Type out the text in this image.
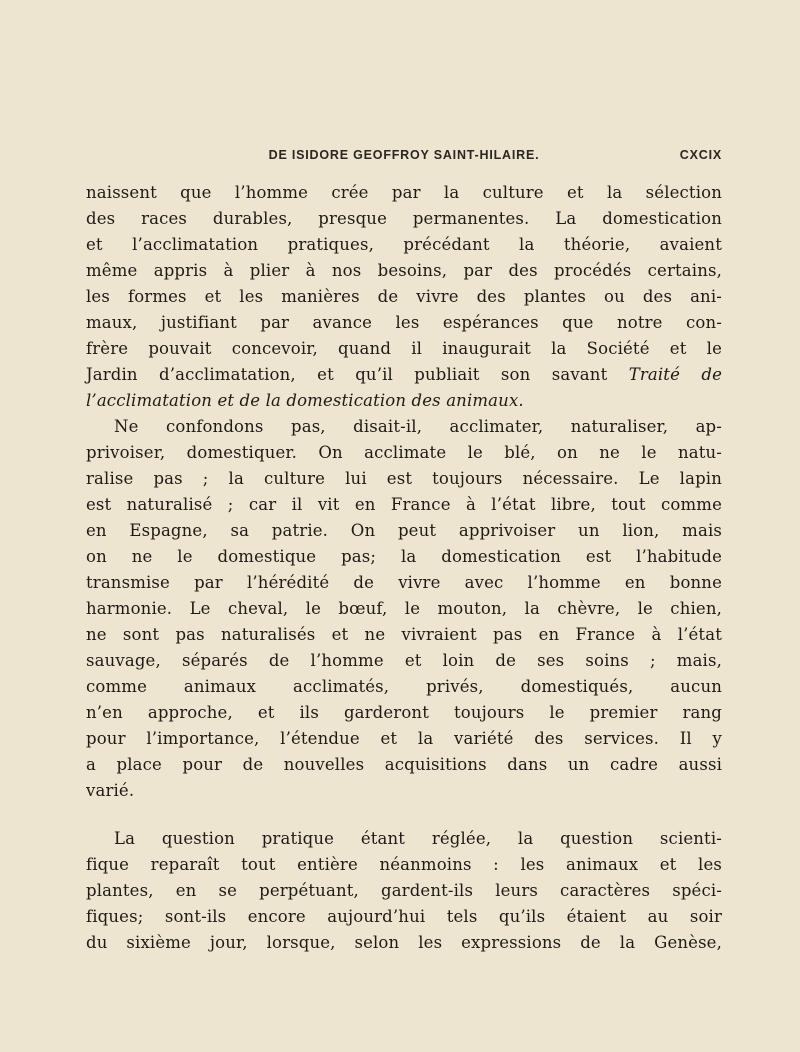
DE ISIDORE GEOFFROY SAINT-HILAIRE.	CXCIX
naissent que l’homme crée par la culture et la sélection
des races durables, presque permanentes. La domestication
et l’acclimatation pratiques, précédant la théorie, avaient
même appris à plier à nos besoins, par des procédés certains,
les formes et les manières de vivre des plantes ou des ani-
maux, justifiant par avance les espérances que notre con-
frère pouvait concevoir, quand il inaugurait la Société et le
Jardin d’acclimatation, et qu’il publiait son savant Traité de
l’acclimatation et de la domestication des animaux.
Ne confondons pas, disait-il, acclimater, naturaliser, ap-
privoiser, domestiquer. On acclimate le blé, on ne le natu-
ralise pas ; la culture lui est toujours nécessaire. Le lapin
est naturalisé ; car il vit en France à l’état libre, tout comme
en Espagne, sa patrie. On peut apprivoiser un lion, mais
on ne le domestique pas; la domestication est l’habitude
transmise par l’hérédité de vivre avec l’homme en bonne
harmonie. Le cheval, le bœuf, le mouton, la chèvre, le chien,
ne sont pas naturalisés et ne vivraient pas en France à l’état
sauvage, séparés de l’homme et loin de ses soins ; mais,
comme animaux acclimatés, privés, domestiqués, aucun
n’en approche, et ils garderont toujours le premier rang
pour l’importance, l’étendue et la variété des services. Il y
a place pour de nouvelles acquisitions dans un cadre aussi
varié.
La question pratique étant réglée, la question scienti-
fique reparaît tout entière néanmoins : les animaux et les
plantes, en se perpétuant, gardent-ils leurs caractères spéci-
fiques; sont-ils encore aujourd’hui tels qu’ils étaient au soir
du sixième jour, lorsque, selon les expressions de la Genèse,
